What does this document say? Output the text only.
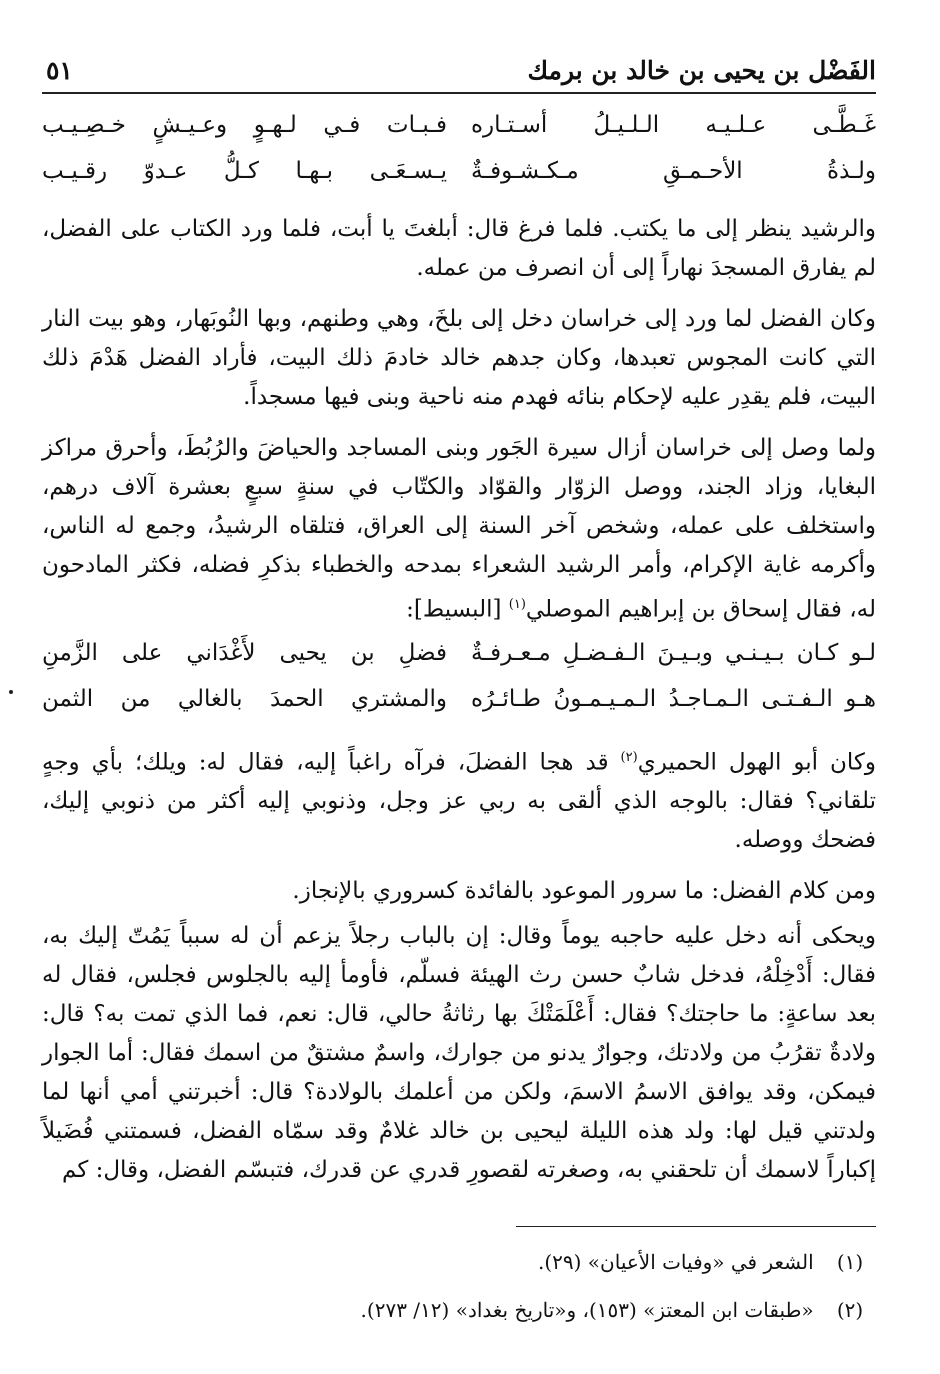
الفَضْل بن يحيى بن خالد بن برمك
٥١
غَـطَّـى عـلـيـه الـلـيـلُ أسـتـاره
فـبـات فـي لـهـوٍ وعـيـشٍ خـصِـيـب
ولـذةُ الأحـمـقِ مـكـشـوفـةٌ
يـسـعَـى بـهـا كـلُّ عـدوّ رقـيـب

والرشيد ينظر إلى ما يكتب. فلما فرغ قال: أبلغتَ يا أبت، فلما ورد الكتاب على الفضل، لم يفارق المسجدَ نهاراً إلى أن انصرف من عمله.

وكان الفضل لما ورد إلى خراسان دخل إلى بلخَ، وهي وطنهم، وبها النُوبَهار، وهو بيت النار التي كانت المجوس تعبدها، وكان جدهم خالد خادمَ ذلك البيت، فأراد الفضل هَدْمَ ذلك البيت، فلم يقدِر عليه لإحكام بنائه فهدم منه ناحية وبنى فيها مسجداً.

ولما وصل إلى خراسان أزال سيرة الجَور وبنى المساجد والحياضَ والرُبُطَ، وأحرق مراكز البغايا، وزاد الجند، ووصل الزوّار والقوّاد والكتّاب في سنةٍ سبعٍ بعشرة آلاف درهم، واستخلف على عمله، وشخص آخر السنة إلى العراق، فتلقاه الرشيدُ، وجمع له الناس، وأكرمه غاية الإكرام، وأمر الرشيد الشعراء بمدحه والخطباء بذكرِ فضله، فكثر المادحون له، فقال إسحاق بن إبراهيم الموصلي$^{(١)}$ [البسيط]:

لـو كـان بـيـنـي وبـيـنَ الـفـضـلِ مـعـرفـةٌ
فضلِ بن يحيى لأَغْدَاني على الزَّمنِ
هـو الـفـتـى الـمـاجـدُ الـمـيـمـونُ طـائـرُه
والمشتري الحمدَ بالغالي من الثمن

وكان أبو الهول الحميري$^{(٢)}$ قد هجا الفضلَ، فرآه راغباً إليه، فقال له: ويلك؛ بأي وجهٍ تلقاني؟ فقال: بالوجه الذي ألقى به ربي عز وجل، وذنوبي إليه أكثر من ذنوبي إليك، فضحك ووصله.

ومن كلام الفضل: ما سرور الموعود بالفائدة كسروري بالإنجاز.

ويحكى أنه دخل عليه حاجبه يوماً وقال: إن بالباب رجلاً يزعم أن له سبباً يَمُتّ إليك به، فقال: أَدْخِلْهُ، فدخل شابٌ حسن رث الهيئة فسلّم، فأومأ إليه بالجلوس فجلس، فقال له بعد ساعةٍ: ما حاجتك؟ فقال: أَعْلَمَتْكَ بها رثاثةُ حالي، قال: نعم، فما الذي تمت به؟ قال: ولادةٌ تقرُبُ من ولادتك، وجوارٌ يدنو من جوارك، واسمٌ مشتقٌ من اسمك فقال: أما الجوار فيمكن، وقد يوافق الاسمُ الاسمَ، ولكن من أعلمك بالولادة؟ قال: أخبرتني أمي أنها لما ولدتني قيل لها: ولد هذه الليلة ليحيى بن خالد غلامٌ وقد سمّاه الفضل، فسمتني فُضَيلاً إكباراً لاسمك أن تلحقني به، وصغرته لقصورِ قدري عن قدرك، فتبسّم الفضل، وقال: كم

(١) الشعر في «وفيات الأعيان» (٢٩).
(٢) «طبقات ابن المعتز» (١٥٣)، و«تاريخ بغداد» (١٢/ ٢٧٣).
